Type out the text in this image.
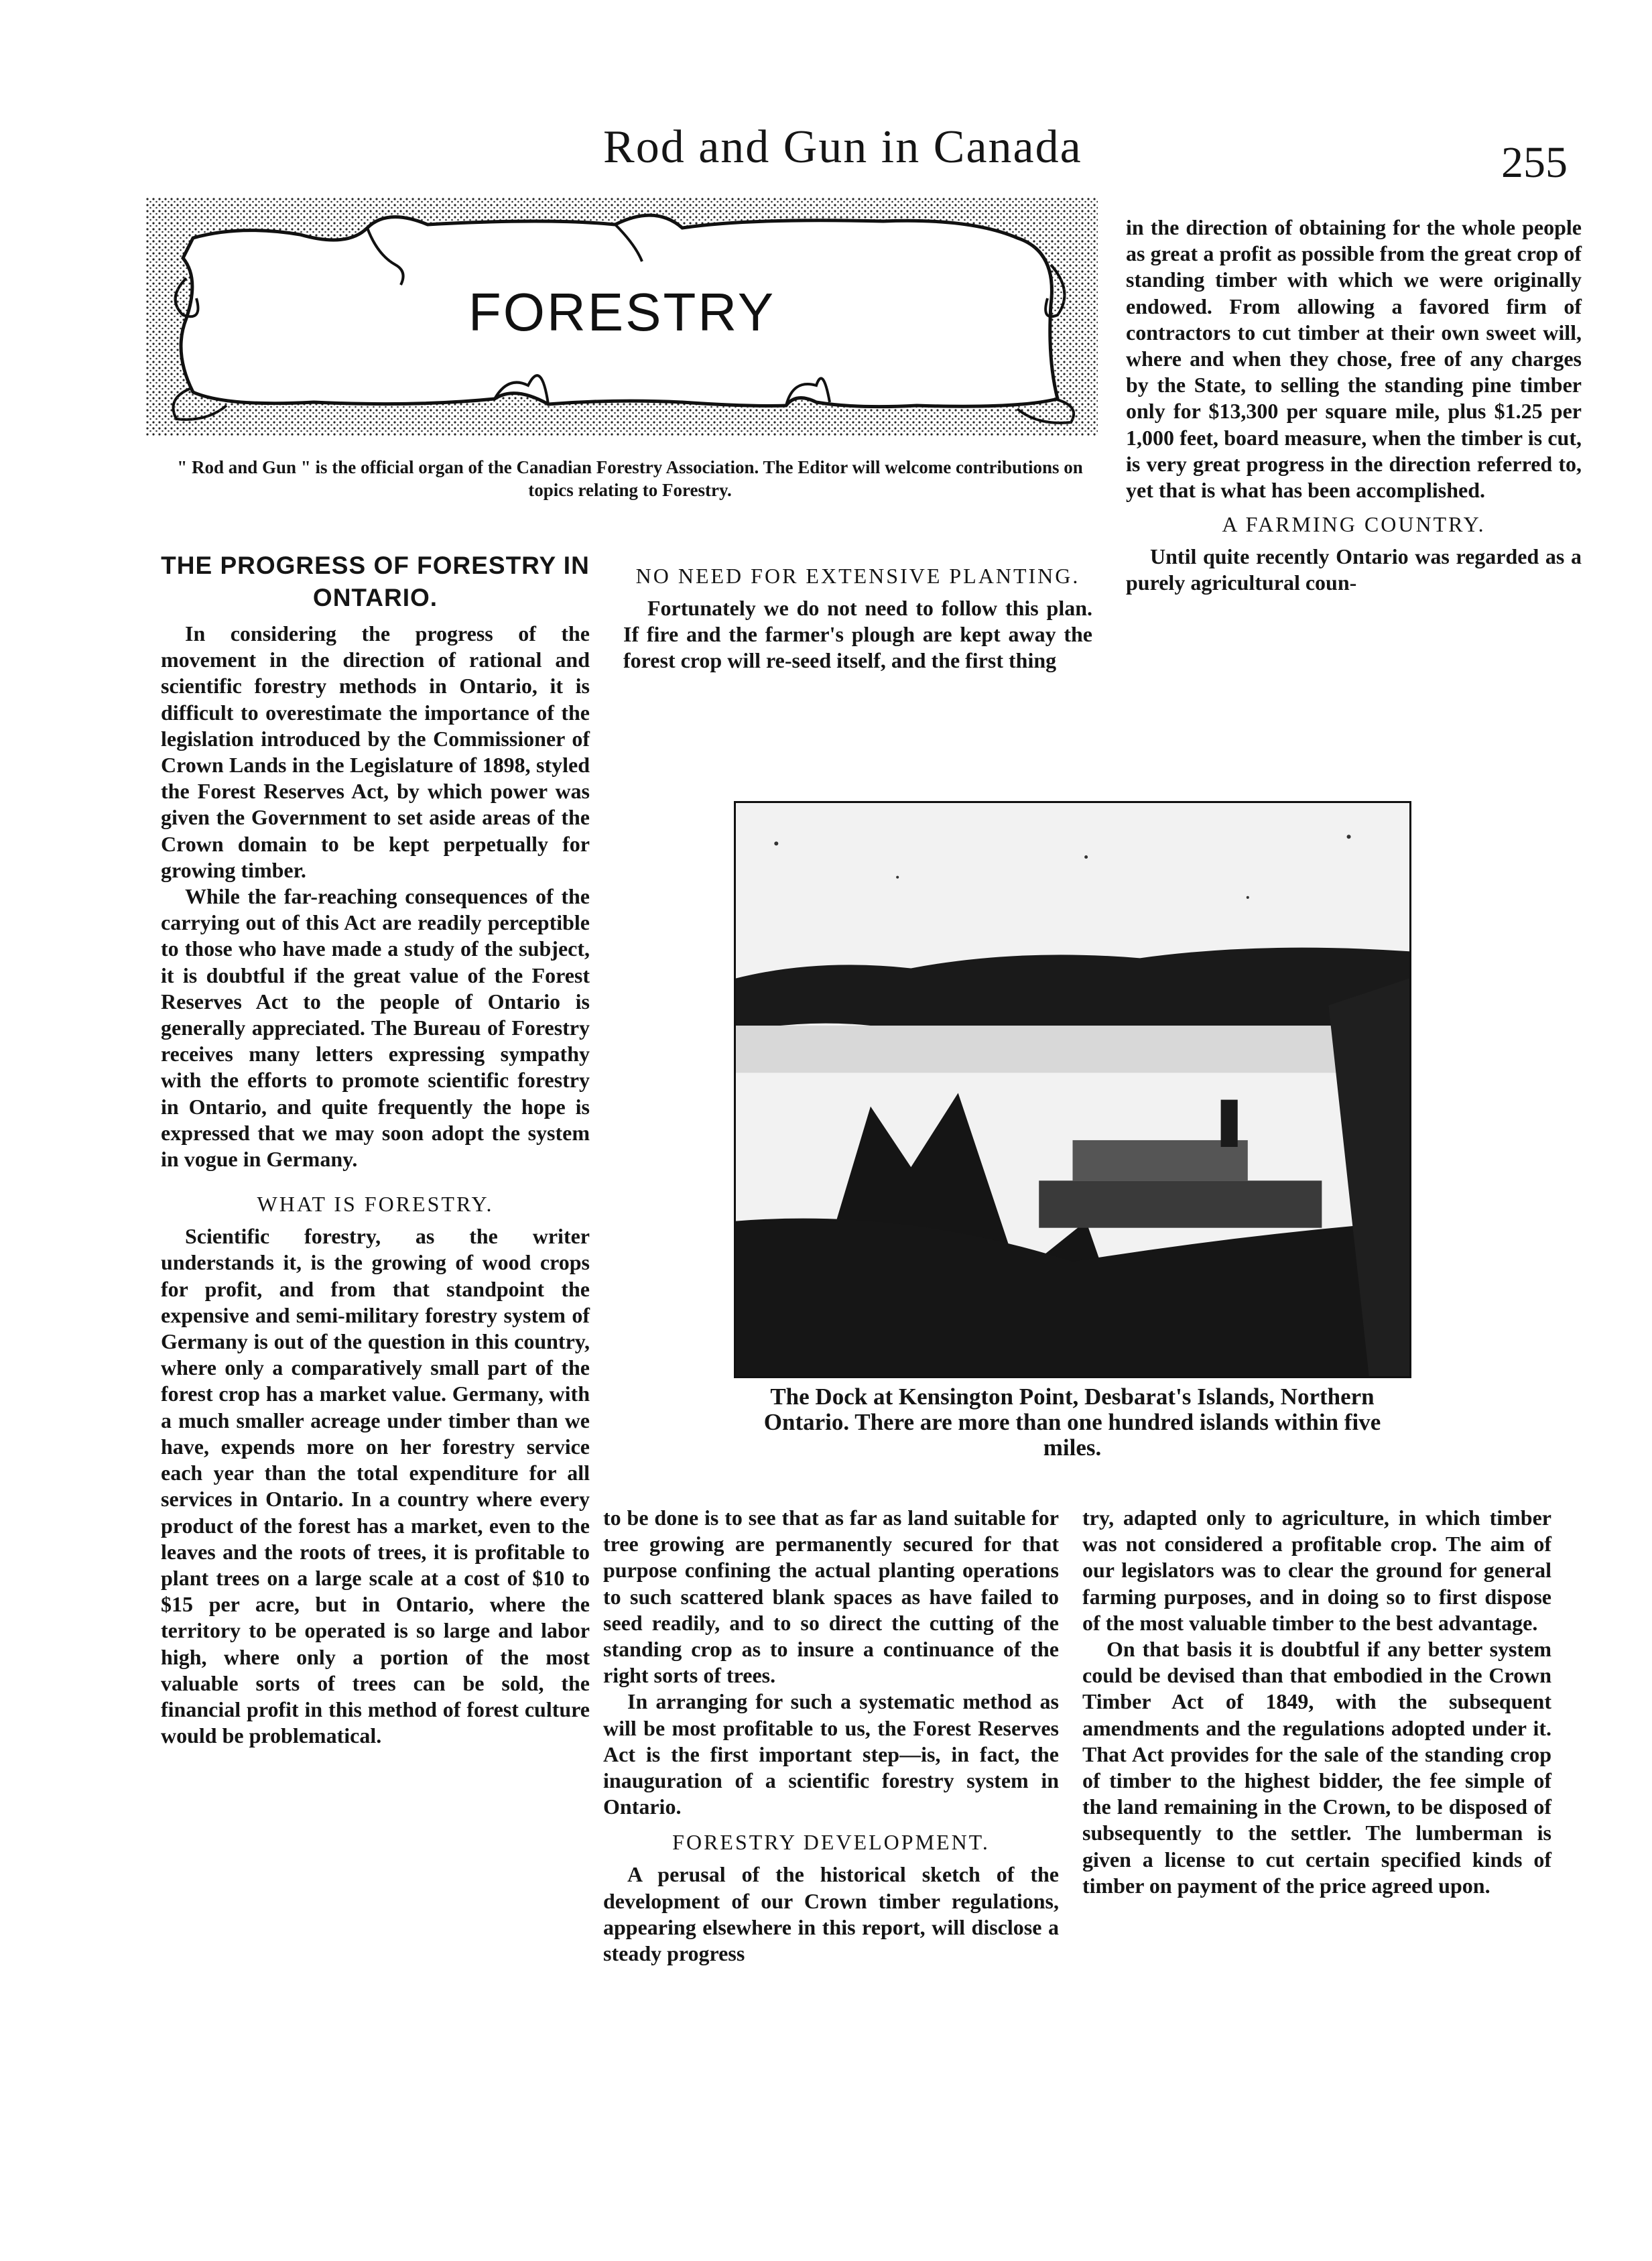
Rod and Gun in Canada	255
FORESTRY
" Rod and Gun " is the official organ of the Canadian Forestry Association. The Editor will welcome contributions on topics relating to Forestry.
THE PROGRESS OF FORESTRY IN ONTARIO.

In considering the progress of the movement in the direction of rational and scientific forestry methods in Ontario, it is difficult to overestimate the importance of the legislation introduced by the Commissioner of Crown Lands in the Legislature of 1898, styled the Forest Reserves Act, by which power was given the Government to set aside areas of the Crown domain to be kept perpetually for growing timber.

While the far-reaching consequences of the carrying out of this Act are readily perceptible to those who have made a study of the subject, it is doubtful if the great value of the Forest Reserves Act to the people of Ontario is generally appreciated. The Bureau of Forestry receives many letters expressing sympathy with the efforts to promote scientific forestry in Ontario, and quite frequently the hope is expressed that we may soon adopt the system in vogue in Germany.

WHAT IS FORESTRY.

Scientific forestry, as the writer understands it, is the growing of wood crops for profit, and from that standpoint the expensive and semi-military forestry system of Germany is out of the question in this country, where only a comparatively small part of the forest crop has a market value. Germany, with a much smaller acreage under timber than we have, expends more on her forestry service each year than the total expenditure for all services in Ontario. In a country where every product of the forest has a market, even to the leaves and the roots of trees, it is profitable to plant trees on a large scale at a cost of $10 to $15 per acre, but in Ontario, where the territory to be operated is so large and labor high, where only a portion of the most valuable sorts of trees can be sold, the financial profit in this method of forest culture would be problematical.

NO NEED FOR EXTENSIVE PLANTING.

Fortunately we do not need to follow this plan. If fire and the farmer's plough are kept away the forest crop will re-seed itself, and the first thing

in the direction of obtaining for the whole people as great a profit as possible from the great crop of standing timber with which we were originally endowed. From allowing a favored firm of contractors to cut timber at their own sweet will, where and when they chose, free of any charges by the State, to selling the standing pine timber only for $13,300 per square mile, plus $1.25 per 1,000 feet, board measure, when the timber is cut, is very great progress in the direction referred to, yet that is what has been accomplished.

A FARMING COUNTRY.

Until quite recently Ontario was regarded as a purely agricultural coun-

The Dock at Kensington Point, Desbarat's Islands, Northern Ontario. There are more than one hundred islands within five miles.

to be done is to see that as far as land suitable for tree growing are permanently secured for that purpose confining the actual planting operations to such scattered blank spaces as have failed to seed readily, and to so direct the cutting of the standing crop as to insure a continuance of the right sorts of trees.

In arranging for such a systematic method as will be most profitable to us, the Forest Reserves Act is the first important step—is, in fact, the inauguration of a scientific forestry system in Ontario.

FORESTRY DEVELOPMENT.

A perusal of the historical sketch of the development of our Crown timber regulations, appearing elsewhere in this report, will disclose a steady progress

try, adapted only to agriculture, in which timber was not considered a profitable crop. The aim of our legislators was to clear the ground for general farming purposes, and in doing so to first dispose of the most valuable timber to the best advantage.

On that basis it is doubtful if any better system could be devised than that embodied in the Crown Timber Act of 1849, with the subsequent amendments and the regulations adopted under it. That Act provides for the sale of the standing crop of timber to the highest bidder, the fee simple of the land remaining in the Crown, to be disposed of subsequently to the settler. The lumberman is given a license to cut certain specified kinds of timber on payment of the price agreed upon.
